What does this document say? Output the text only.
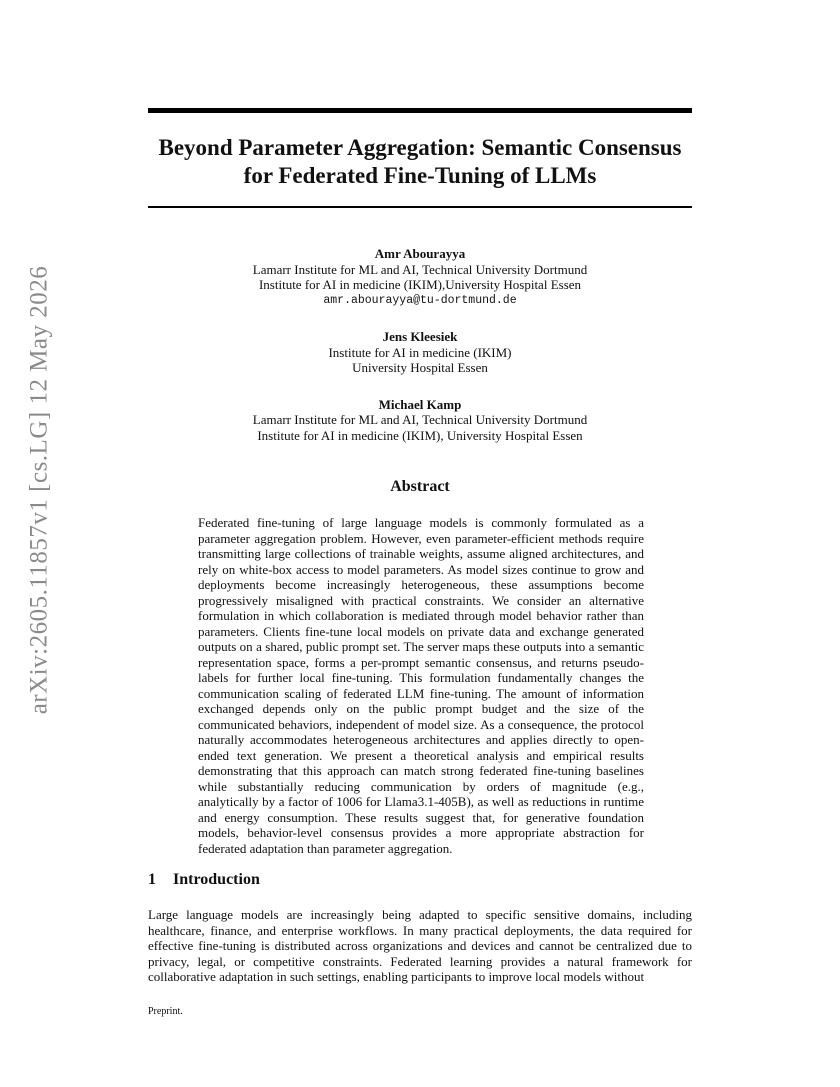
arXiv:2605.11857v1 [cs.LG] 12 May 2026
Beyond Parameter Aggregation: Semantic Consensus
for Federated Fine-Tuning of LLMs
Amr Abourayya
Lamarr Institute for ML and AI, Technical University Dortmund
Institute for AI in medicine (IKIM),University Hospital Essen
amr.abourayya@tu-dortmund.de
Jens Kleesiek
Institute for AI in medicine (IKIM)
University Hospital Essen
Michael Kamp
Lamarr Institute for ML and AI, Technical University Dortmund
Institute for AI in medicine (IKIM), University Hospital Essen
Abstract

Federated fine-tuning of large language models is commonly formulated as a parameter aggregation problem. However, even parameter-efficient methods require transmitting large collections of trainable weights, assume aligned architectures, and rely on white-box access to model parameters. As model sizes continue to grow and deployments become increasingly heterogeneous, these assumptions become progressively misaligned with practical constraints. We consider an alternative formulation in which collaboration is mediated through model behavior rather than parameters. Clients fine-tune local models on private data and exchange generated outputs on a shared, public prompt set. The server maps these outputs into a semantic representation space, forms a per-prompt semantic consensus, and returns pseudo-labels for further local fine-tuning. This formulation fundamentally changes the communication scaling of federated LLM fine-tuning. The amount of information exchanged depends only on the public prompt budget and the size of the communicated behaviors, independent of model size. As a consequence, the protocol naturally accommodates heterogeneous architectures and applies directly to open-ended text generation. We present a theoretical analysis and empirical results demonstrating that this approach can match strong federated fine-tuning baselines while substantially reducing communication by orders of magnitude (e.g., analytically by a factor of 1006 for Llama3.1-405B), as well as reductions in runtime and energy consumption. These results suggest that, for generative foundation models, behavior-level consensus provides a more appropriate abstraction for federated adaptation than parameter aggregation.

1 Introduction

Large language models are increasingly being adapted to specific sensitive domains, including healthcare, finance, and enterprise workflows. In many practical deployments, the data required for effective fine-tuning is distributed across organizations and devices and cannot be centralized due to privacy, legal, or competitive constraints. Federated learning provides a natural framework for collaborative adaptation in such settings, enabling participants to improve local models without

Preprint.
